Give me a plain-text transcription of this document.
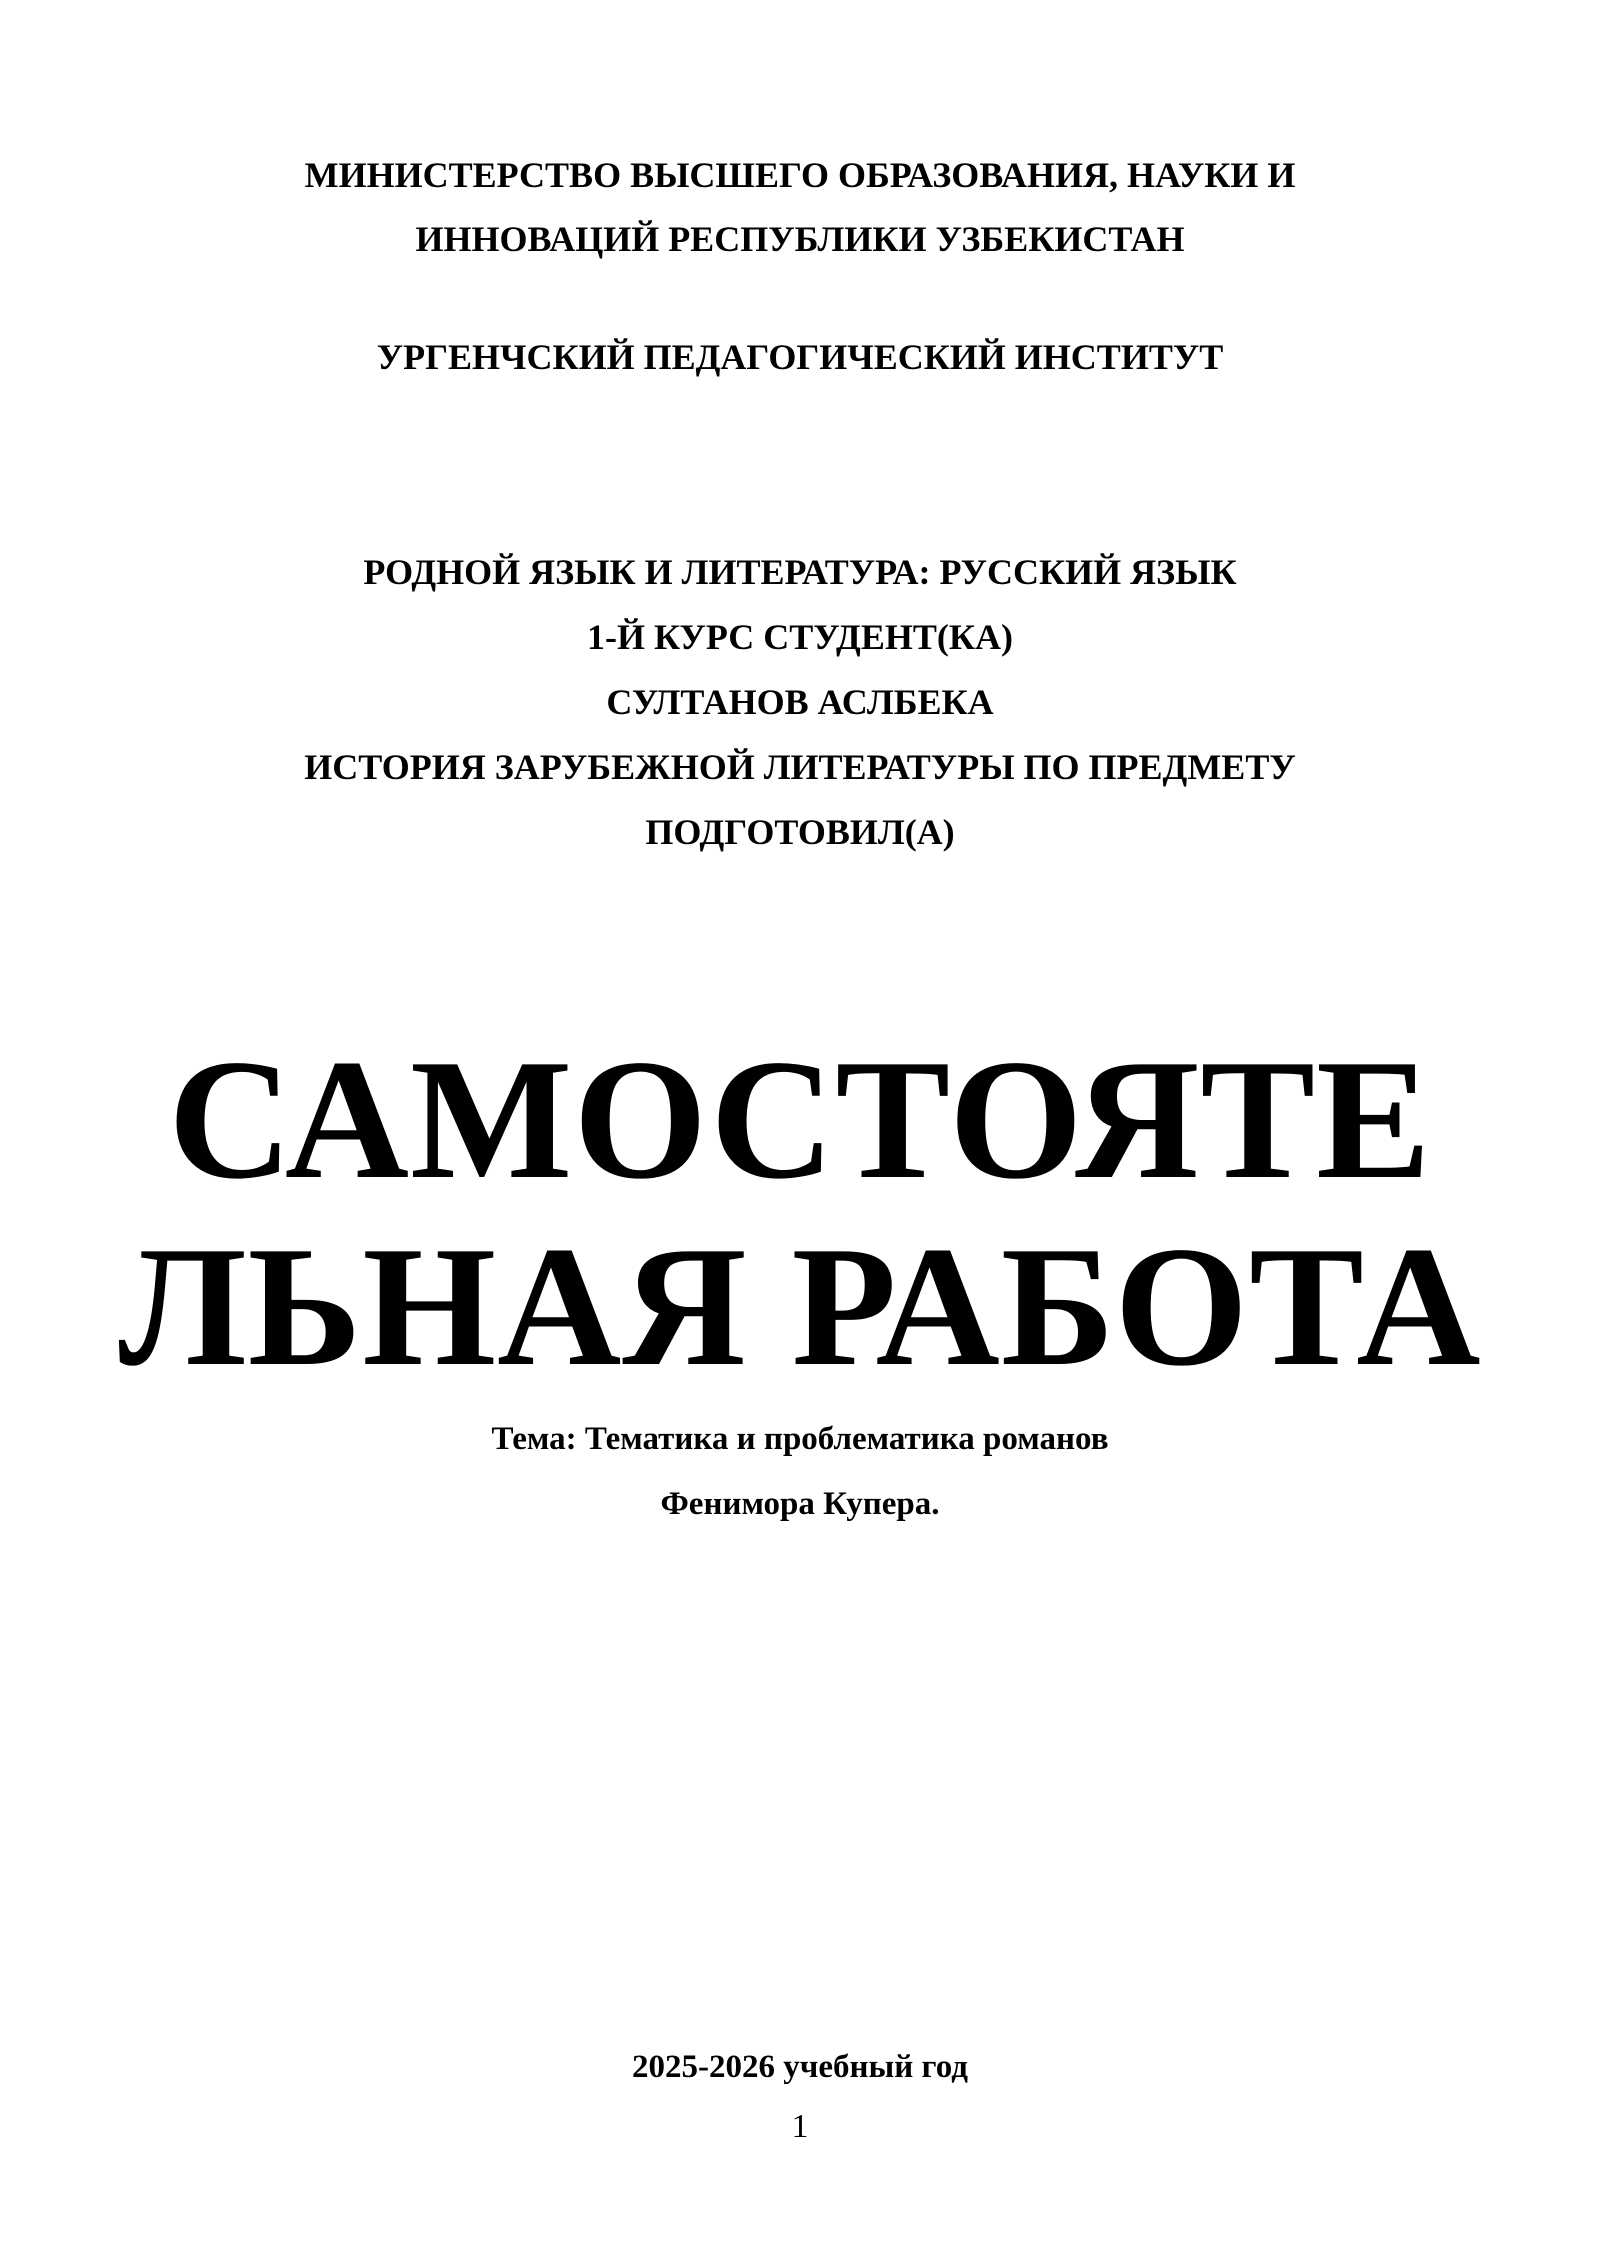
МИНИСТЕРСТВО ВЫСШЕГО ОБРАЗОВАНИЯ, НАУКИ И
ИННОВАЦИЙ РЕСПУБЛИКИ УЗБЕКИСТАН
УРГЕНЧСКИЙ ПЕДАГОГИЧЕСКИЙ ИНСТИТУТ
РОДНОЙ ЯЗЫК И ЛИТЕРАТУРА: РУССКИЙ ЯЗЫК
1-Й КУРС СТУДЕНТ(КА)
СУЛТАНОВ АСЛБЕКА
ИСТОРИЯ ЗАРУБЕЖНОЙ ЛИТЕРАТУРЫ ПО ПРЕДМЕТУ
ПОДГОТОВИЛ(А)
САМОСТОЯТЕ
ЛЬНАЯ РАБОТА
Тема: Тематика и проблематика романов
Фенимора Купера.
2025-2026 учебный год
1
